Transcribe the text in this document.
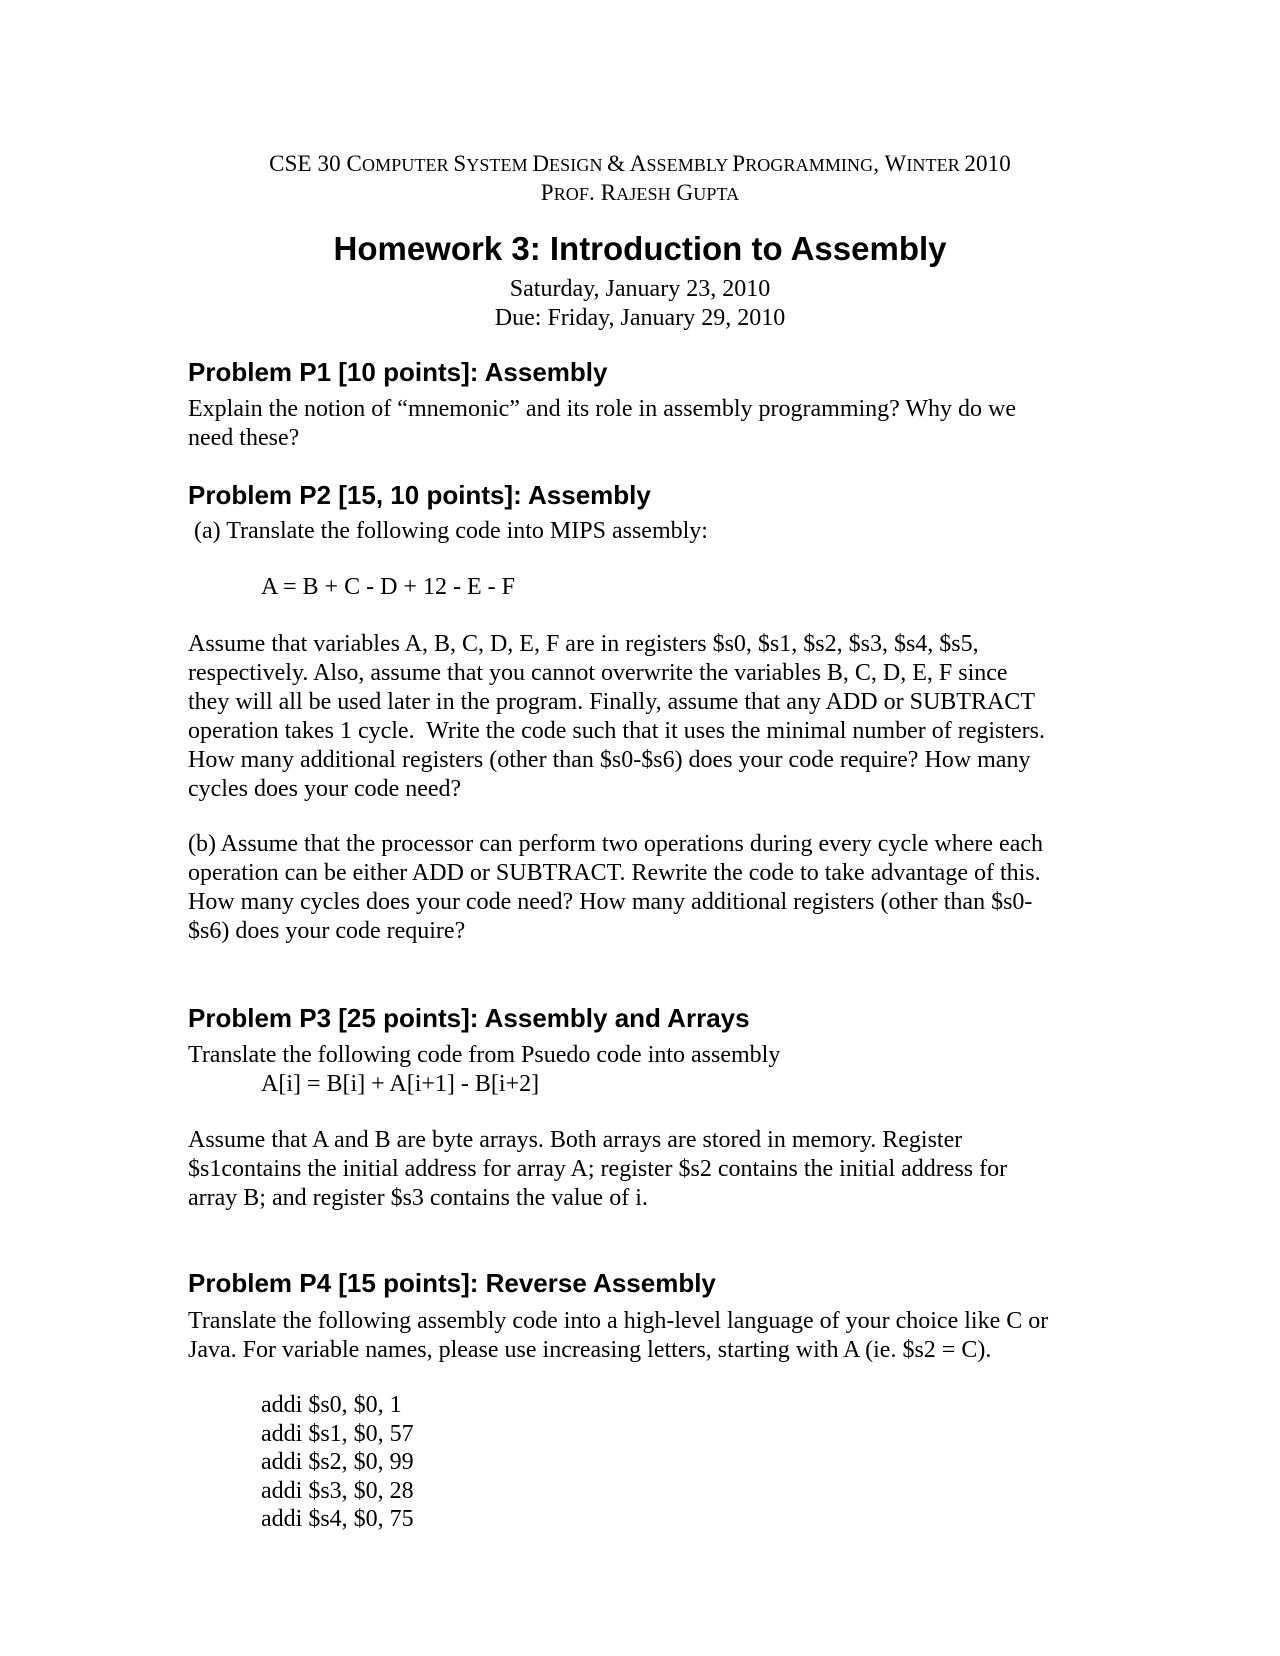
CSE 30 COMPUTER SYSTEM DESIGN & ASSEMBLY PROGRAMMING, WINTER 2010
PROF. RAJESH GUPTA
Homework 3: Introduction to Assembly
Saturday, January 23, 2010
Due: Friday, January 29, 2010
Problem P1 [10 points]: Assembly
Explain the notion of “mnemonic” and its role in assembly programming? Why do we
need these?
Problem P2 [15, 10 points]: Assembly
(a) Translate the following code into MIPS assembly:
A = B + C - D + 12 - E - F
Assume that variables A, B, C, D, E, F are in registers $s0, $s1, $s2, $s3, $s4, $s5,
respectively. Also, assume that you cannot overwrite the variables B, C, D, E, F since
they will all be used later in the program. Finally, assume that any ADD or SUBTRACT
operation takes 1 cycle.  Write the code such that it uses the minimal number of registers.
How many additional registers (other than $s0-$s6) does your code require? How many
cycles does your code need?
(b) Assume that the processor can perform two operations during every cycle where each
operation can be either ADD or SUBTRACT. Rewrite the code to take advantage of this.
How many cycles does your code need? How many additional registers (other than $s0-
$s6) does your code require?
Problem P3 [25 points]: Assembly and Arrays
Translate the following code from Psuedo code into assembly
A[i] = B[i] + A[i+1] - B[i+2]
Assume that A and B are byte arrays. Both arrays are stored in memory. Register
$s1contains the initial address for array A; register $s2 contains the initial address for
array B; and register $s3 contains the value of i.
Problem P4 [15 points]: Reverse Assembly
Translate the following assembly code into a high-level language of your choice like C or
Java. For variable names, please use increasing letters, starting with A (ie. $s2 = C).
addi $s0, $0, 1
addi $s1, $0, 57
addi $s2, $0, 99
addi $s3, $0, 28
addi $s4, $0, 75
